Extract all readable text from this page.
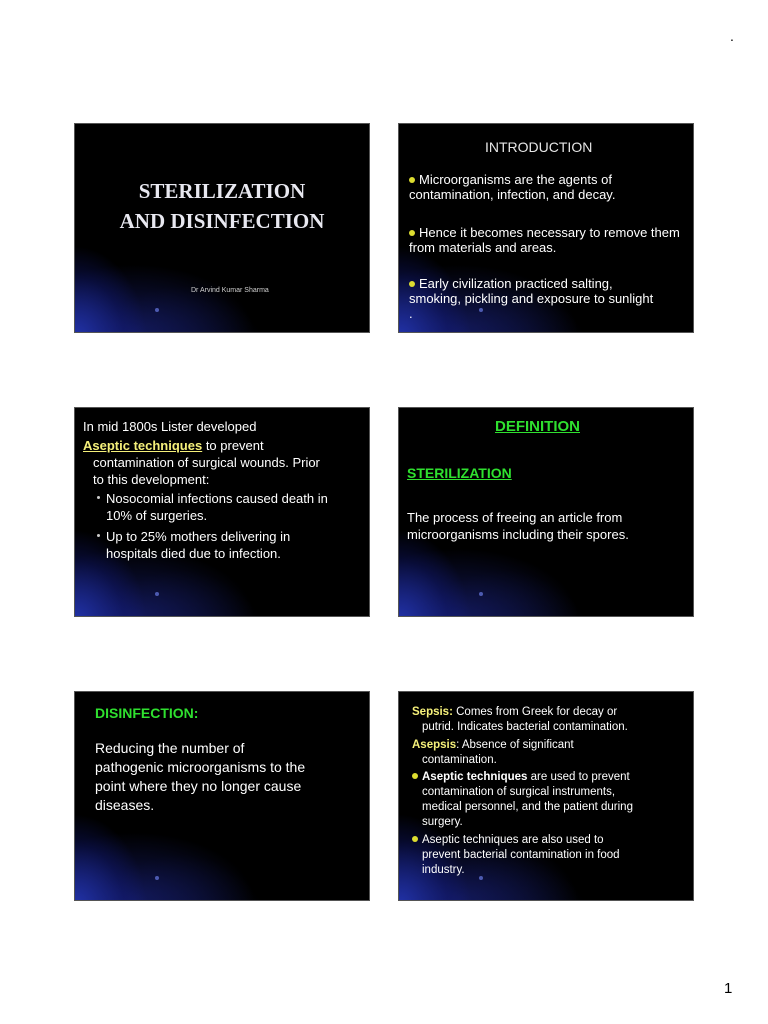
.
STERILIZATION
AND DISINFECTION
Dr Arvind Kumar Sharma
INTRODUCTION
Microorganisms are the agents of contamination, infection, and decay.
Hence it becomes necessary to remove them from materials and areas.
Early civilization practiced salting, smoking, pickling and exposure to sunlight .
In mid 1800s Lister developed
Aseptic techniques to prevent
contamination of surgical wounds. Prior
to this development:
Nosocomial infections caused death in
10% of surgeries.
Up to 25% mothers delivering in
hospitals died due to infection.
DEFINITION
STERILIZATION
The process of freeing an article from
microorganisms including their spores.
DISINFECTION:
Reducing the number of
pathogenic microorganisms to the
point where they no longer cause
diseases.
Sepsis: Comes from Greek for decay or
putrid. Indicates bacterial contamination.
Asepsis: Absence of significant
contamination.
Aseptic techniques are used to prevent
contamination of surgical instruments,
medical personnel, and the patient during
surgery.
Aseptic techniques are also used to
prevent bacterial contamination in food
industry.
1
